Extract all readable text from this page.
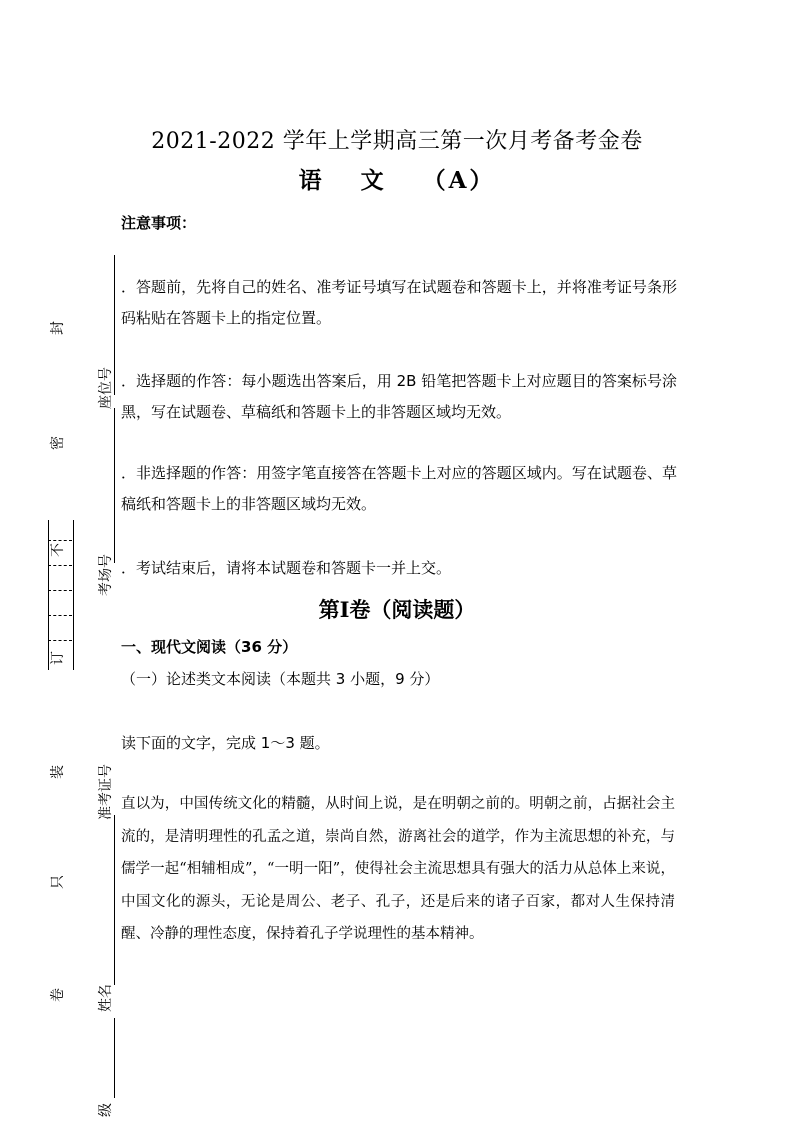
封
密
不
订
装
只
卷
座位号
考场号
准考证号
姓名
级
2021-2022 学年上学期高三第一次月考备考金卷
语 文 （A）
注意事项：
．答题前，先将自己的姓名、准考证号填写在试题卷和答题卡上，并将准考证号条形码粘贴在答题卡上的指定位置。
．选择题的作答：每小题选出答案后，用 2B 铅笔把答题卡上对应题目的答案标号涂黑，写在试题卷、草稿纸和答题卡上的非答题区域均无效。
．非选择题的作答：用签字笔直接答在答题卡上对应的答题区域内。写在试题卷、草稿纸和答题卡上的非答题区域均无效。
．考试结束后，请将本试题卷和答题卡一并上交。
第Ⅰ卷（阅读题）
一、现代文阅读（36 分）
（一）论述类文本阅读（本题共 3 小题，9 分）
读下面的文字，完成 1～3 题。
直以为，中国传统文化的精髓，从时间上说，是在明朝之前的。明朝之前，占据社会主流的，是清明理性的孔孟之道，崇尚自然，游离社会的道学，作为主流思想的补充，与儒学一起“相辅相成”，“一明一阳”，使得社会主流思想具有强大的活力从总体上来说，中国文化的源头，无论是周公、老子、孔子，还是后来的诸子百家，都对人生保持清醒、冷静的理性态度，保持着孔子学说理性的基本精神。
